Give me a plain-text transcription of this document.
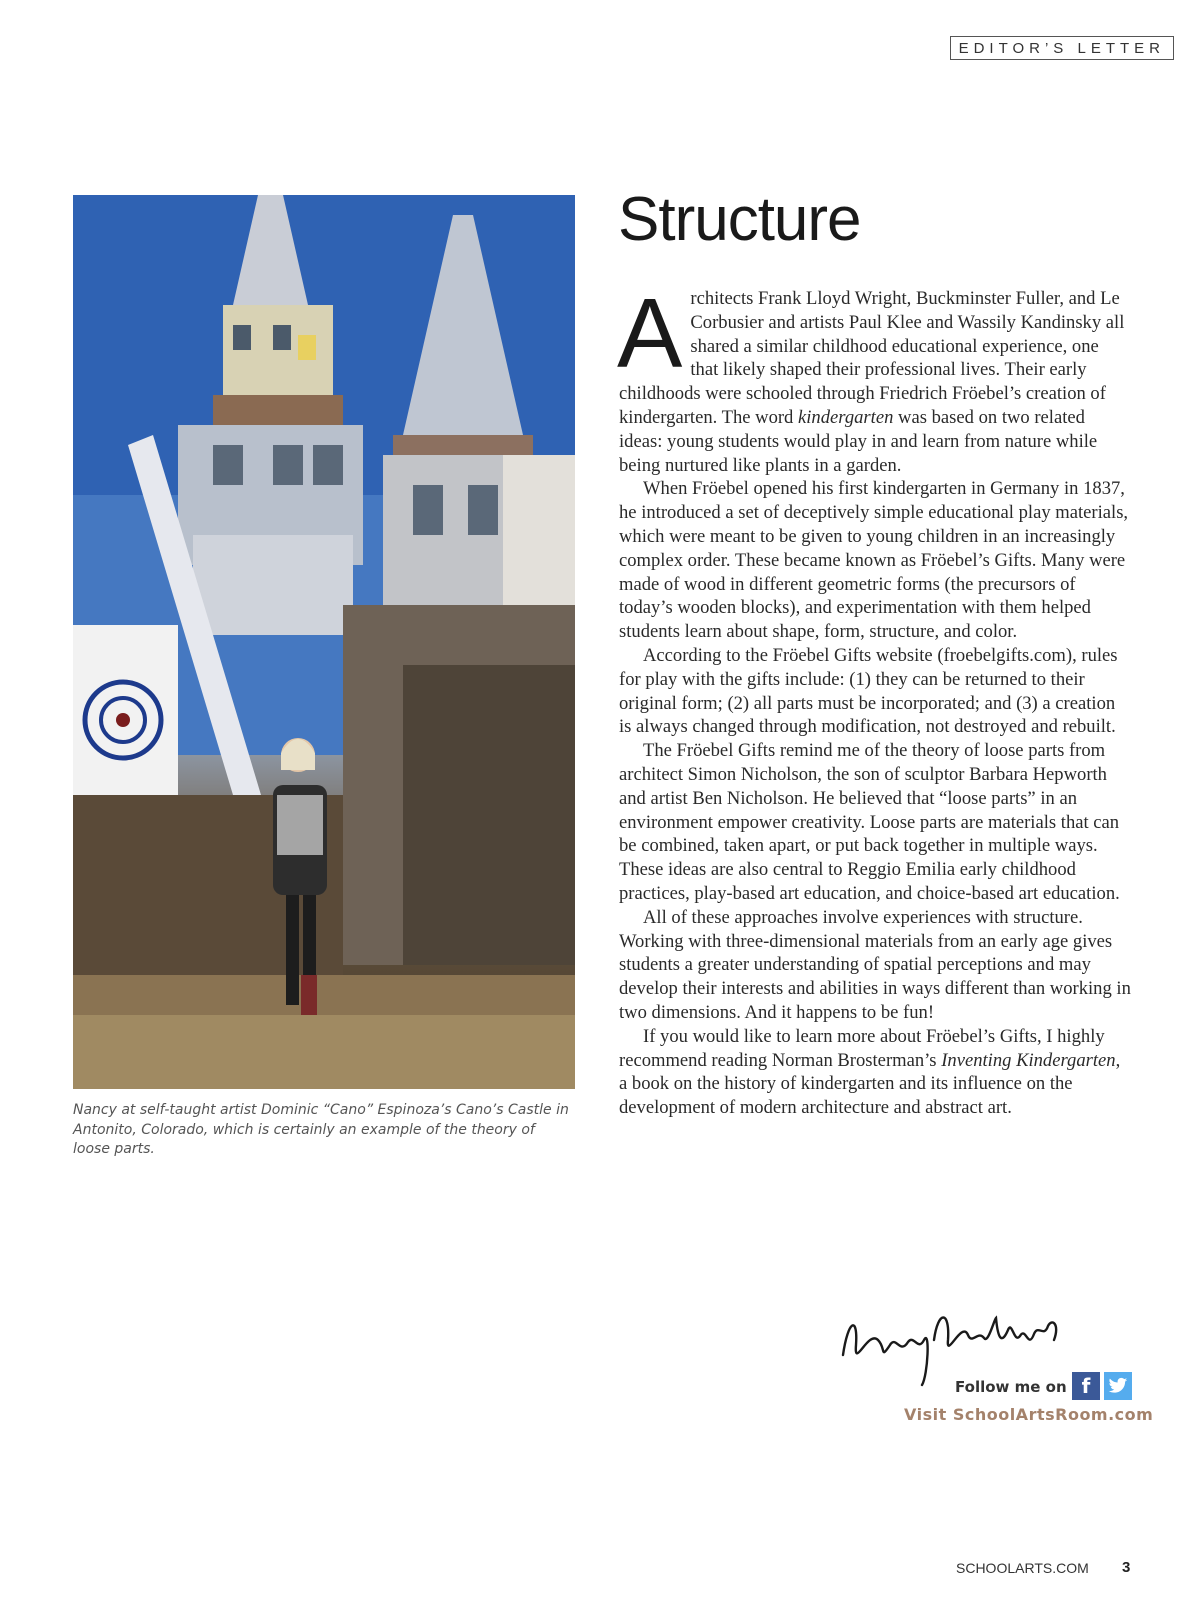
EDITOR’S LETTER
Nancy at self-taught artist Dominic “Cano” Espinoza’s Cano’s Castle in Antonito, Colorado, which is certainly an example of the theory of loose parts.
Structure

Architects Frank Lloyd Wright, Buckminster Fuller, and Le Corbusier and artists Paul Klee and Wassily Kandinsky all shared a similar childhood educational experience, one that likely shaped their professional lives. Their early childhoods were schooled through Friedrich Fröebel’s creation of kindergarten. The word kindergarten was based on two related ideas: young students would play in and learn from nature while being nurtured like plants in a garden.

When Fröebel opened his first kindergarten in Germany in 1837, he introduced a set of deceptively simple educational play materials, which were meant to be given to young children in an increasingly complex order. These became known as Fröebel’s Gifts. Many were made of wood in different geometric forms (the precursors of today’s wooden blocks), and experimentation with them helped students learn about shape, form, structure, and color.

According to the Fröebel Gifts website (froebelgifts.com), rules for play with the gifts include: (1) they can be returned to their original form; (2) all parts must be incorporated; and (3) a creation is always changed through modification, not destroyed and rebuilt.

The Fröebel Gifts remind me of the theory of loose parts from architect Simon Nicholson, the son of sculptor Barbara Hepworth and artist Ben Nicholson. He believed that “loose parts” in an environment empower creativity. Loose parts are materials that can be combined, taken apart, or put back together in multiple ways. These ideas are also central to Reggio Emilia early childhood practices, play-based art education, and choice-based art education.

All of these approaches involve experiences with structure. Working with three-dimensional materials from an early age gives students a greater understanding of spatial perceptions and may develop their interests and abilities in ways different than working in two dimensions. And it happens to be fun!

If you would like to learn more about Fröebel’s Gifts, I highly recommend reading Norman Brosterman’s Inventing Kindergarten, a book on the history of kindergarten and its influence on the development of modern architecture and abstract art.

Follow me on f
Visit SchoolArtsRoom.com
SCHOOLARTS.COM 3
